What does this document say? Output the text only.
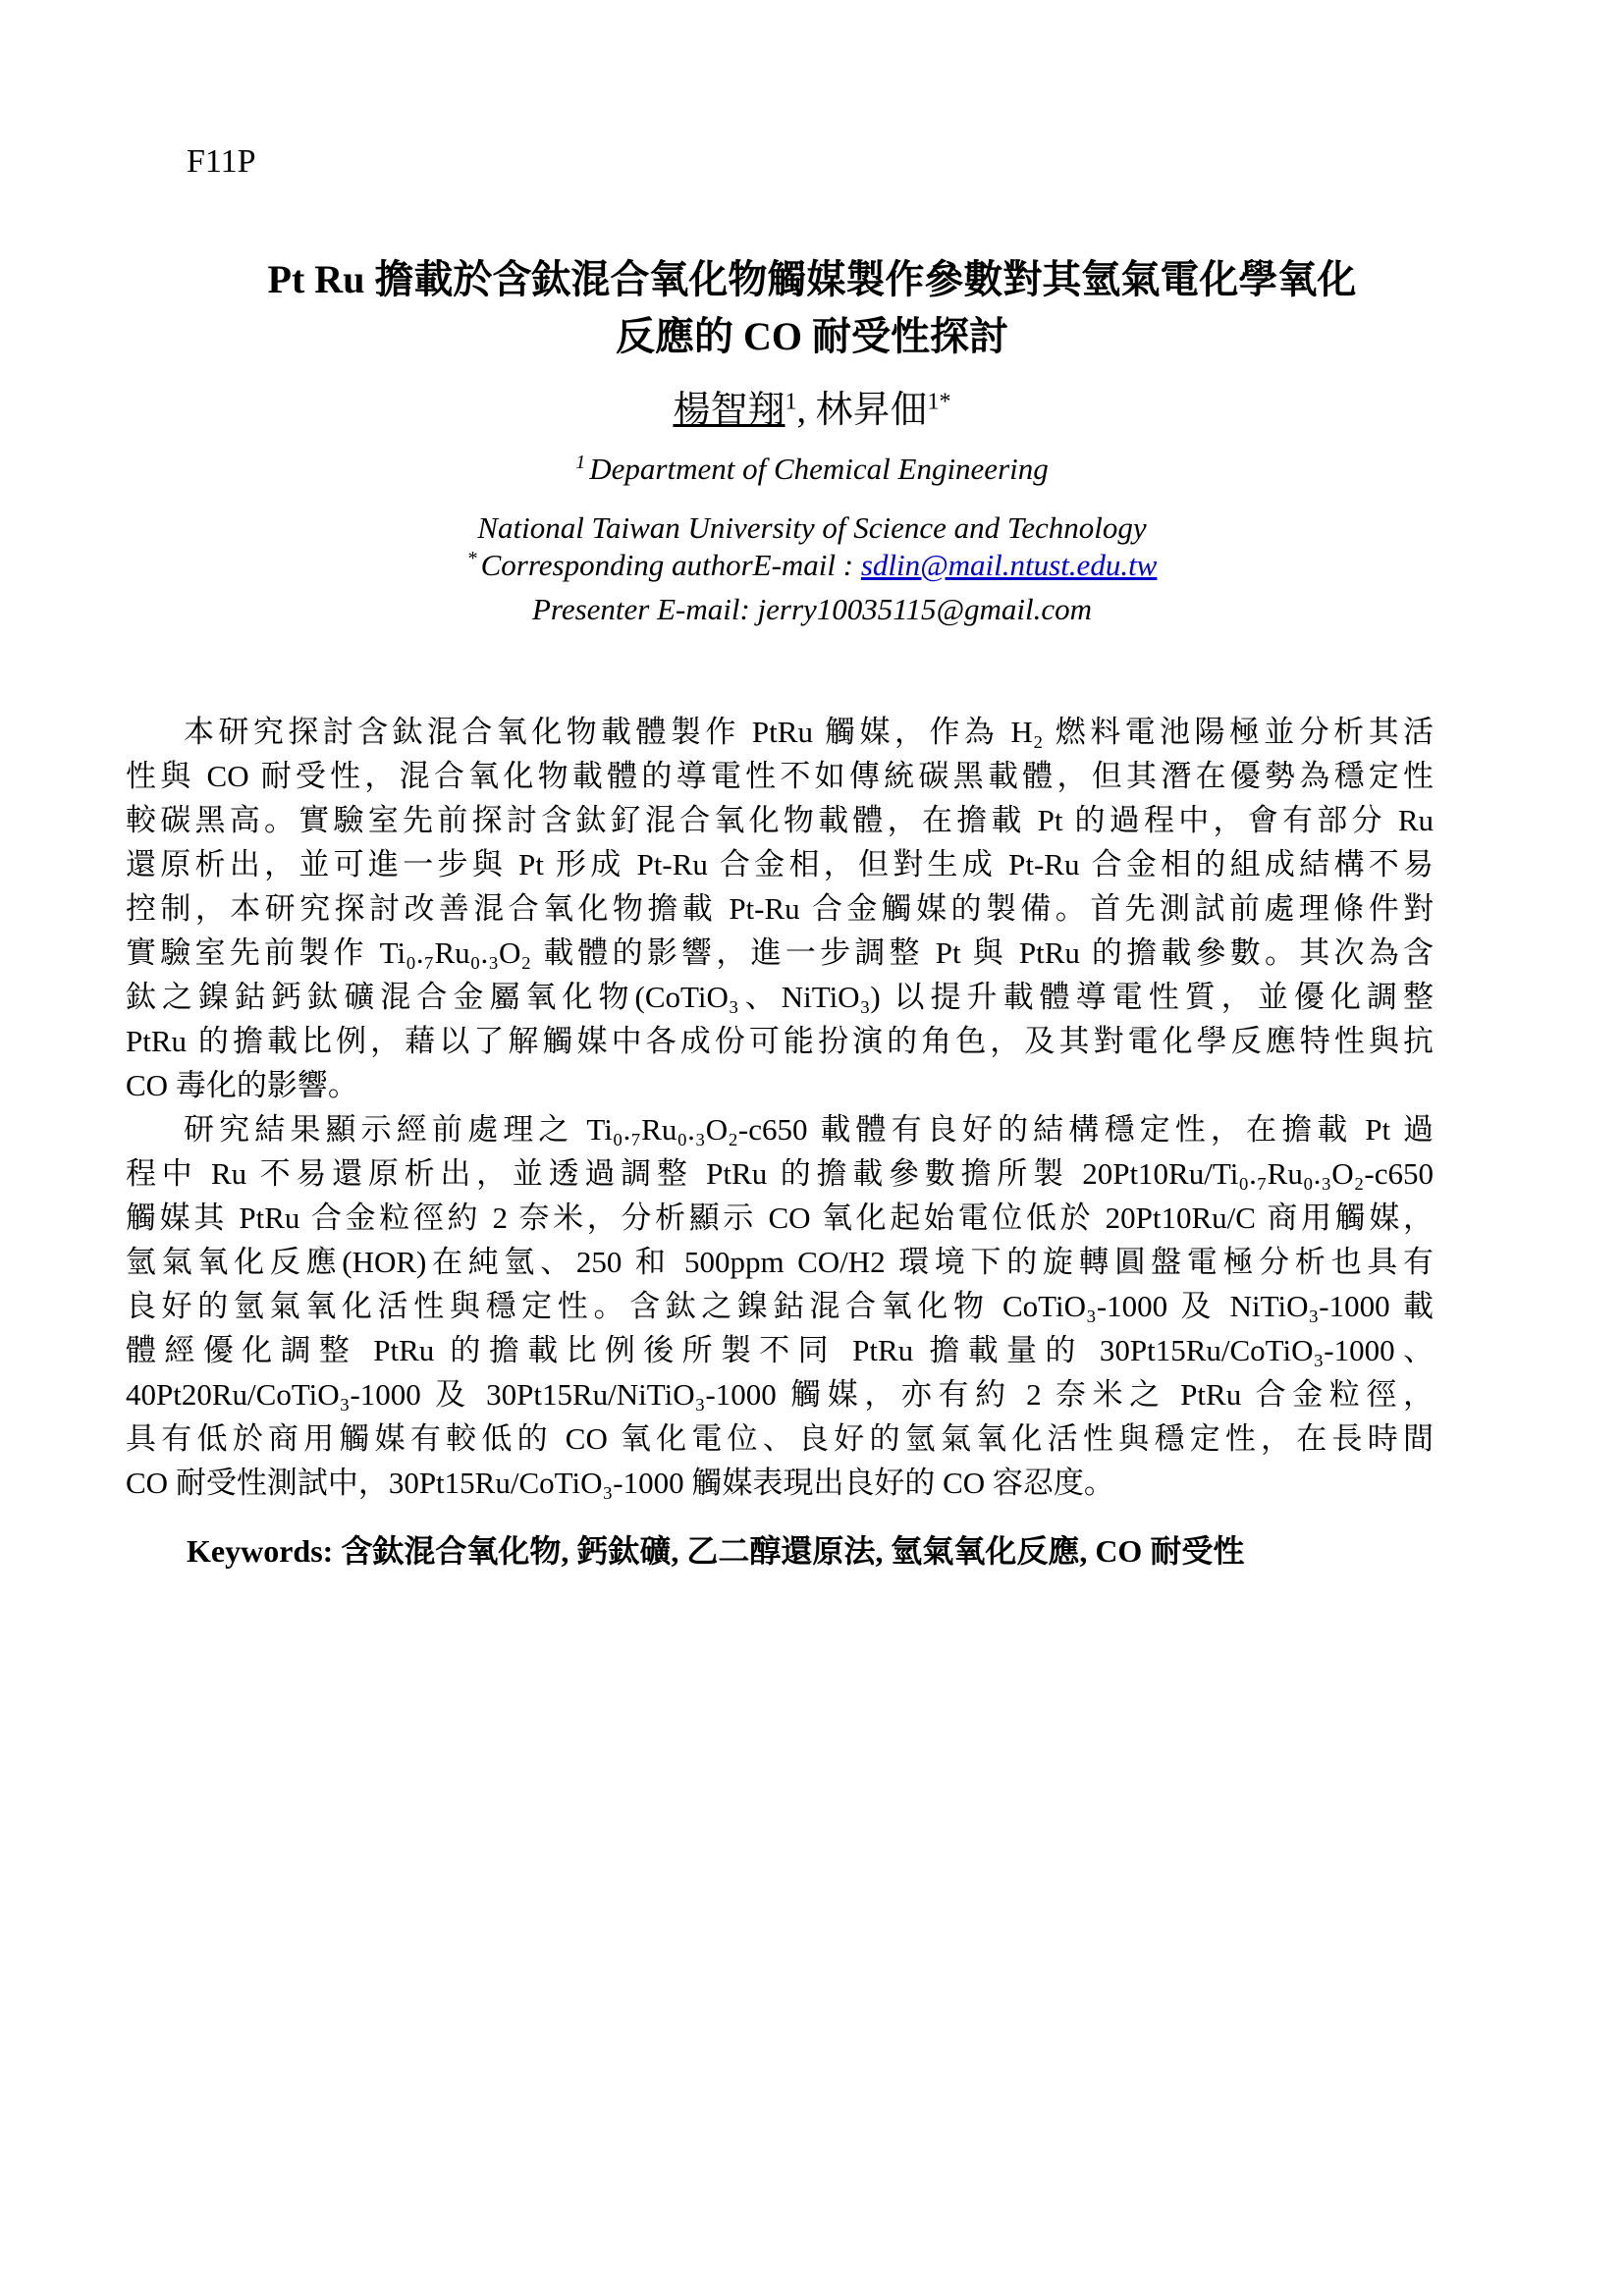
F11P
Pt Ru 擔載於含鈦混合氧化物觸媒製作參數對其氫氣電化學氧化
反應的 CO 耐受性探討
楊智翔$^1$, 林昇佃$^{1*}$
$^1$ Department of Chemical Engineering
National Taiwan University of Science and Technology
* Corresponding authorE-mail : sdlin@mail.ntust.edu.tw
Presenter E-mail: jerry10035115@gmail.com
本研究探討含鈦混合氧化物載體製作 PtRu 觸媒，作為 H₂ 燃料電池陽極並分析其活
性與 CO 耐受性，混合氧化物載體的導電性不如傳統碳黑載體，但其潛在優勢為穩定性
較碳黑高。實驗室先前探討含鈦釕混合氧化物載體，在擔載 Pt 的過程中，會有部分 Ru
還原析出，並可進一步與 Pt 形成 Pt-Ru 合金相，但對生成 Pt-Ru 合金相的組成結構不易
控制，本研究探討改善混合氧化物擔載 Pt-Ru 合金觸媒的製備。首先測試前處理條件對
實驗室先前製作 Ti₀.₇Ru₀.₃O₂ 載體的影響，進一步調整 Pt 與 PtRu 的擔載參數。其次為含
鈦之鎳鈷鈣鈦礦混合金屬氧化物(CoTiO₃、NiTiO₃) 以提升載體導電性質，並優化調整
PtRu 的擔載比例，藉以了解觸媒中各成份可能扮演的角色，及其對電化學反應特性與抗
CO 毒化的影響。
研究結果顯示經前處理之 Ti₀.₇Ru₀.₃O₂-c650 載體有良好的結構穩定性，在擔載 Pt 過
程中 Ru 不易還原析出，並透過調整 PtRu 的擔載參數擔所製 20Pt10Ru/Ti₀.₇Ru₀.₃O₂-c650
觸媒其 PtRu 合金粒徑約 2 奈米，分析顯示 CO 氧化起始電位低於 20Pt10Ru/C 商用觸媒，
氫氣氧化反應(HOR)在純氫、250 和 500ppm CO/H2 環境下的旋轉圓盤電極分析也具有
良好的氫氣氧化活性與穩定性。含鈦之鎳鈷混合氧化物 CoTiO₃-1000 及 NiTiO₃-1000 載
體經優化調整 PtRu 的擔載比例後所製不同 PtRu 擔載量的 30Pt15Ru/CoTiO₃-1000、
40Pt20Ru/CoTiO₃-1000 及 30Pt15Ru/NiTiO₃-1000 觸媒，亦有約 2 奈米之 PtRu 合金粒徑，
具有低於商用觸媒有較低的 CO 氧化電位、良好的氫氣氧化活性與穩定性，在長時間
CO 耐受性測試中，30Pt15Ru/CoTiO₃-1000 觸媒表現出良好的 CO 容忍度。
Keywords: 含鈦混合氧化物, 鈣鈦礦, 乙二醇還原法, 氫氣氧化反應, CO 耐受性
